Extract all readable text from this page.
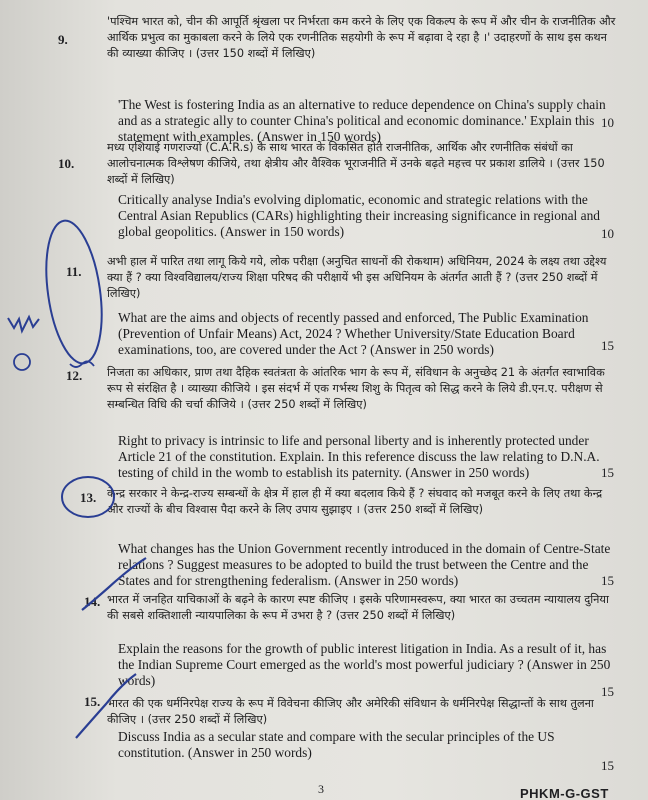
9.
'पश्चिम भारत को, चीन की आपूर्ति श्रृंखला पर निर्भरता कम करने के लिए एक विकल्प के रूप में और चीन के राजनीतिक और आर्थिक प्रभुत्व का मुकाबला करने के लिये एक रणनीतिक सहयोगी के रूप में बढ़ावा दे रहा है ।' उदाहरणों के साथ इस कथन की व्याख्या कीजिए । (उत्तर 150 शब्दों में लिखिए)
'The West is fostering India as an alternative to reduce dependence on China's supply chain and as a strategic ally to counter China's political and economic dominance.' Explain this statement with examples. (Answer in 150 words)
10
10.
मध्य एशियाई गणराज्यों (C.A.R.s) के साथ भारत के विकसित होते राजनीतिक, आर्थिक और रणनीतिक संबंधों का आलोचनात्मक विश्लेषण कीजिये, तथा क्षेत्रीय और वैश्विक भूराजनीति में उनके बढ़ते महत्त्व पर प्रकाश डालिये । (उत्तर 150 शब्दों में लिखिए)
Critically analyse India's evolving diplomatic, economic and strategic relations with the Central Asian Republics (CARs) highlighting their increasing significance in regional and global geopolitics. (Answer in 150 words)	10
11.
अभी हाल में पारित तथा लागू किये गये, लोक परीक्षा (अनुचित साधनों की रोकथाम) अधिनियम, 2024 के लक्ष्य तथा उद्देश्य क्या हैं ? क्या विश्वविद्यालय/राज्य शिक्षा परिषद की परीक्षायें भी इस अधिनियम के अंतर्गत आती हैं ? (उत्तर 250 शब्दों में लिखिए)
What are the aims and objects of recently passed and enforced, The Public Examination (Prevention of Unfair Means) Act, 2024 ? Whether University/State Education Board examinations, too, are covered under the Act ? (Answer in 250 words)	15
12. निजता का अधिकार, प्राण तथा दैहिक स्वतंत्रता के आंतरिक भाग के रूप में, संविधान के अनुच्छेद 21 के अंतर्गत स्वाभाविक रूप से संरक्षित है । व्याख्या कीजिये । इस संदर्भ में एक गर्भस्थ शिशु के पितृत्व को सिद्ध करने के लिये डी.एन.ए. परीक्षण से सम्बन्धित विधि की चर्चा कीजिये । (उत्तर 250 शब्दों में लिखिए)
Right to privacy is intrinsic to life and personal liberty and is inherently protected under Article 21 of the constitution. Explain. In this reference discuss the law relating to D.N.A. testing of child in the womb to establish its paternity. (Answer in 250 words)	15
13. केन्द्र सरकार ने केन्द्र-राज्य सम्बन्धों के क्षेत्र में हाल ही में क्या बदलाव किये हैं ? संघवाद को मजबूत करने के लिए तथा केन्द्र और राज्यों के बीच विश्वास पैदा करने के लिए उपाय सुझाइए । (उत्तर 250 शब्दों में लिखिए)
What changes has the Union Government recently introduced in the domain of Centre-State relations ? Suggest measures to be adopted to build the trust between the Centre and the States and for strengthening federalism. (Answer in 250 words)	15
14. भारत में जनहित याचिकाओं के बढ़ने के कारण स्पष्ट कीजिए । इसके परिणामस्वरूप, क्या भारत का उच्चतम न्यायालय दुनिया की सबसे शक्तिशाली न्यायपालिका के रूप में उभरा है ? (उत्तर 250 शब्दों में लिखिए)
Explain the reasons for the growth of public interest litigation in India. As a result of it, has the Indian Supreme Court emerged as the world's most powerful judiciary ? (Answer in 250 words)
15
15. भारत की एक धर्मनिरपेक्ष राज्य के रूप में विवेचना कीजिए और अमेरिकी संविधान के धर्मनिरपेक्ष सिद्धान्तों के साथ तुलना कीजिए । (उत्तर 250 शब्दों में लिखिए)
Discuss India as a secular state and compare with the secular principles of the US constitution. (Answer in 250 words)
15
3	PHKM-G-GST
